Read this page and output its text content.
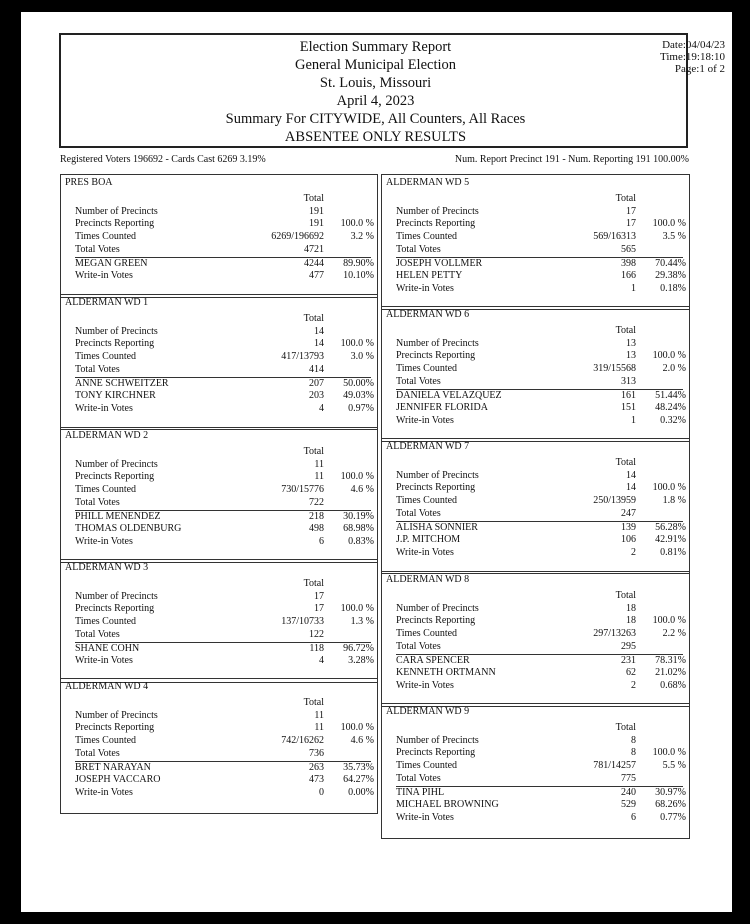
Election Summary Report
General Municipal Election
St. Louis, Missouri
April 4, 2023
Summary For CITYWIDE, All Counters, All Races
ABSENTEE ONLY RESULTS
Date:04/04/23
Time:19:18:10
Page:1 of 2
Registered Voters 196692 - Cards Cast 6269 3.19%	Num. Report Precinct 191 - Num. Reporting 191 100.00%
PRES BOA
Total
Number of Precincts	191
Precincts Reporting	191	100.0 %
Times Counted	6269/196692	3.2 %
Total Votes	4721
MEGAN GREEN	4244	89.90%
Write-in Votes	477	10.10%
ALDERMAN WD 1
Total
Number of Precincts	14
Precincts Reporting	14	100.0 %
Times Counted	417/13793	3.0 %
Total Votes	414
ANNE SCHWEITZER	207	50.00%
TONY KIRCHNER	203	49.03%
Write-in Votes	4	0.97%
ALDERMAN WD 2
Total
Number of Precincts	11
Precincts Reporting	11	100.0 %
Times Counted	730/15776	4.6 %
Total Votes	722
PHILL MENENDEZ	218	30.19%
THOMAS OLDENBURG	498	68.98%
Write-in Votes	6	0.83%
ALDERMAN WD 3
Total
Number of Precincts	17
Precincts Reporting	17	100.0 %
Times Counted	137/10733	1.3 %
Total Votes	122
SHANE COHN	118	96.72%
Write-in Votes	4	3.28%
ALDERMAN WD 4
Total
Number of Precincts	11
Precincts Reporting	11	100.0 %
Times Counted	742/16262	4.6 %
Total Votes	736
BRET NARAYAN	263	35.73%
JOSEPH VACCARO	473	64.27%
Write-in Votes	0	0.00%
ALDERMAN WD 5
Total
Number of Precincts	17
Precincts Reporting	17	100.0 %
Times Counted	569/16313	3.5 %
Total Votes	565
JOSEPH VOLLMER	398	70.44%
HELEN PETTY	166	29.38%
Write-in Votes	1	0.18%
ALDERMAN WD 6
Total
Number of Precincts	13
Precincts Reporting	13	100.0 %
Times Counted	319/15568	2.0 %
Total Votes	313
DANIELA VELAZQUEZ	161	51.44%
JENNIFER FLORIDA	151	48.24%
Write-in Votes	1	0.32%
ALDERMAN WD 7
Total
Number of Precincts	14
Precincts Reporting	14	100.0 %
Times Counted	250/13959	1.8 %
Total Votes	247
ALISHA SONNIER	139	56.28%
J.P. MITCHOM	106	42.91%
Write-in Votes	2	0.81%
ALDERMAN WD 8
Total
Number of Precincts	18
Precincts Reporting	18	100.0 %
Times Counted	297/13263	2.2 %
Total Votes	295
CARA SPENCER	231	78.31%
KENNETH ORTMANN	62	21.02%
Write-in Votes	2	0.68%
ALDERMAN WD 9
Total
Number of Precincts	8
Precincts Reporting	8	100.0 %
Times Counted	781/14257	5.5 %
Total Votes	775
TINA PIHL	240	30.97%
MICHAEL BROWNING	529	68.26%
Write-in Votes	6	0.77%
